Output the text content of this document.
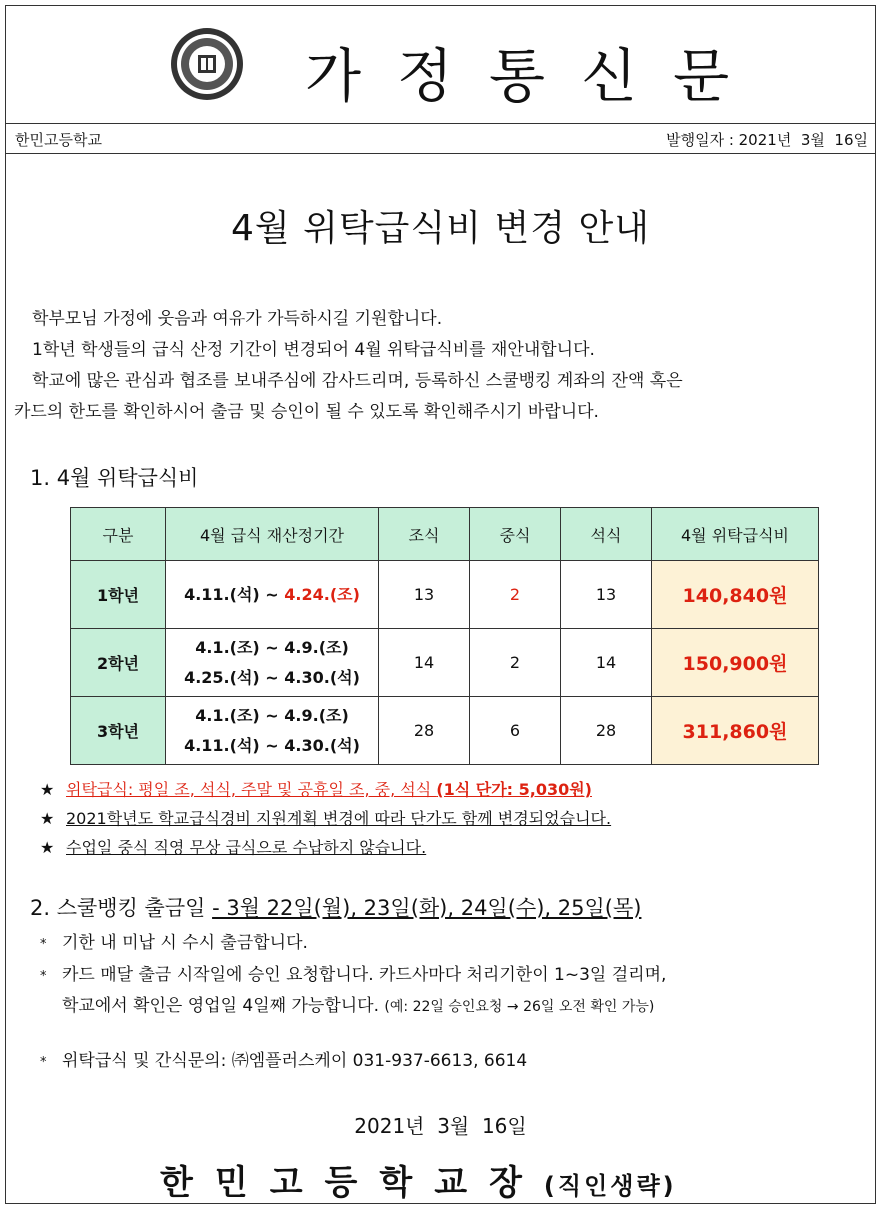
가정통신문
한민고등학교	발행일자 : 2021년  3월  16일
4월 위탁급식비 변경 안내

학부모님 가정에 웃음과 여유가 가득하시길 기원합니다.

1학년 학생들의 급식 산정 기간이 변경되어 4월 위탁급식비를 재안내합니다.

학교에 많은 관심과 협조를 보내주심에 감사드리며, 등록하신 스쿨뱅킹 계좌의 잔액 혹은

카드의 한도를 확인하시어 출금 및 승인이 될 수 있도록 확인해주시기 바랍니다.

1. 4월 위탁급식비
구분	4월 급식 재산정기간	조식	중식	석식	4월 위탁급식비
1학년	4.11.(석) ~ 4.24.(조)	13	2	13	140,840원
2학년	4.1.(조) ~ 4.9.(조)
4.25.(석) ~ 4.30.(석)	14	2	14	150,900원
3학년	4.1.(조) ~ 4.9.(조)
4.11.(석) ~ 4.30.(석)	28	6	28	311,860원
★ 위탁급식: 평일 조, 석식, 주말 및 공휴일 조, 중, 석식 (1식 단가: 5,030원)
★ 2021학년도 학교급식경비 지원계획 변경에 따라 단가도 함께 변경되었습니다.
★ 수업일 중식 직영 무상 급식으로 수납하지 않습니다.
2. 스쿨뱅킹 출금일 - 3월 22일(월), 23일(화), 24일(수), 25일(목)
* 기한 내 미납 시 수시 출금합니다.
* 카드 매달 출금 시작일에 승인 요청합니다. 카드사마다 처리기한이 1~3일 걸리며,
학교에서 확인은 영업일 4일째 가능합니다. (예: 22일 승인요청 → 26일 오전 확인 가능)
* 위탁급식 및 간식문의: ㈜엠플러스케이 031-937-6613, 6614
2021년  3월  16일
한민고등학교장(직인생략)
